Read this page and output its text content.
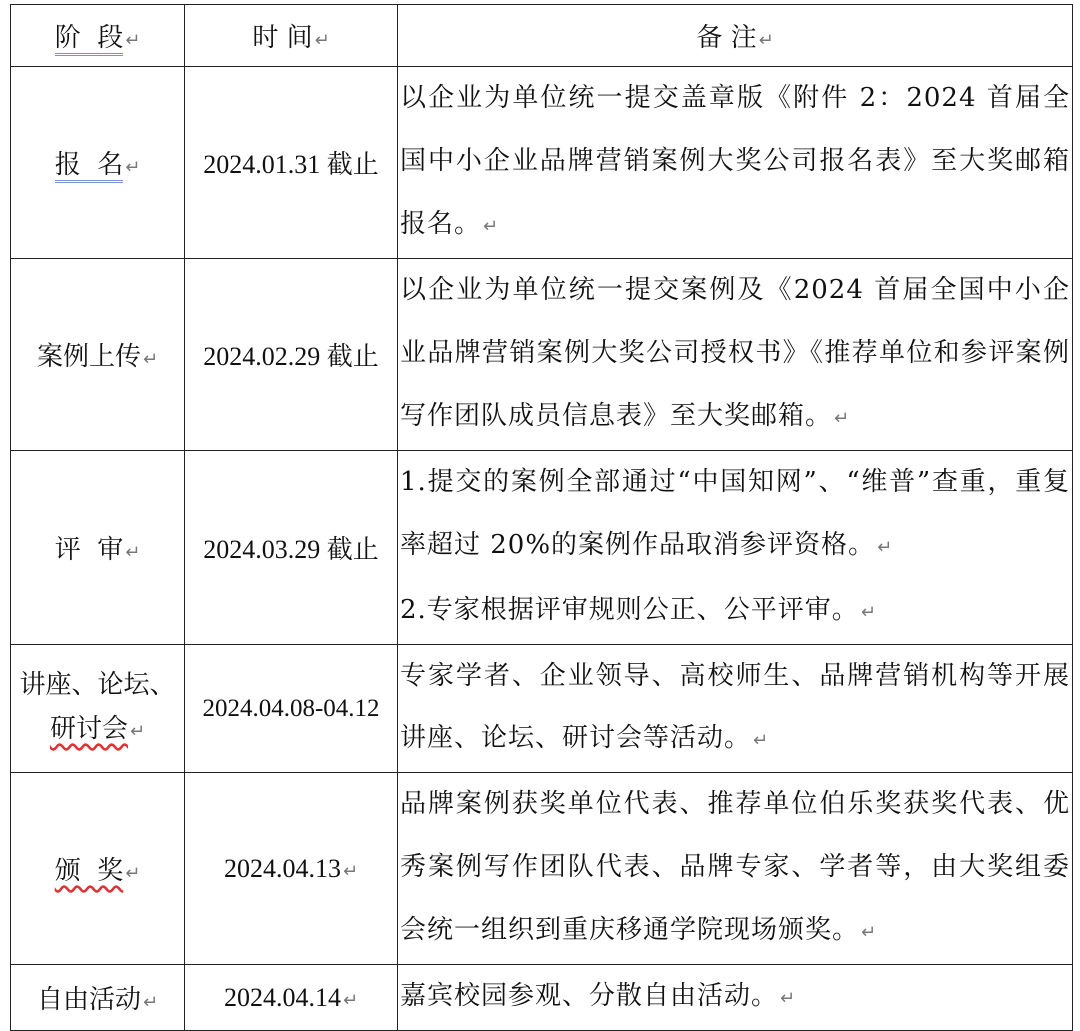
阶  段 ↵	时 间 ↵	备 注 ↵
报  名 ↵	2024.01.31 截止	以企业为单位统一提交盖章版《附件 2：2024 首届全国中小企业品牌营销案例大奖公司报名表》至大奖邮箱报名。 ↵
案例上传 ↵	2024.02.29 截止	以企业为单位统一提交案例及《2024 首届全国中小企业品牌营销案例大奖公司授权书》《推荐单位和参评案例写作团队成员信息表》至大奖邮箱。 ↵
评  审 ↵	2024.03.29 截止	1.提交的案例全部通过“中国知网”、“维普”查重，重复率超过 20%的案例作品取消参评资格。 ↵
2.专家根据评审规则公正、公平评审。 ↵
讲座、论坛、
研讨会 ↵	2024.04.08-04.12	专家学者、企业领导、高校师生、品牌营销机构等开展讲座、论坛、研讨会等活动。 ↵
颁  奖 ↵	2024.04.13 ↵	品牌案例获奖单位代表、推荐单位伯乐奖获奖代表、优秀案例写作团队代表、品牌专家、学者等，由大奖组委会统一组织到重庆移通学院现场颁奖。 ↵
自由活动 ↵	2024.04.14 ↵	嘉宾校园参观、分散自由活动。 ↵
